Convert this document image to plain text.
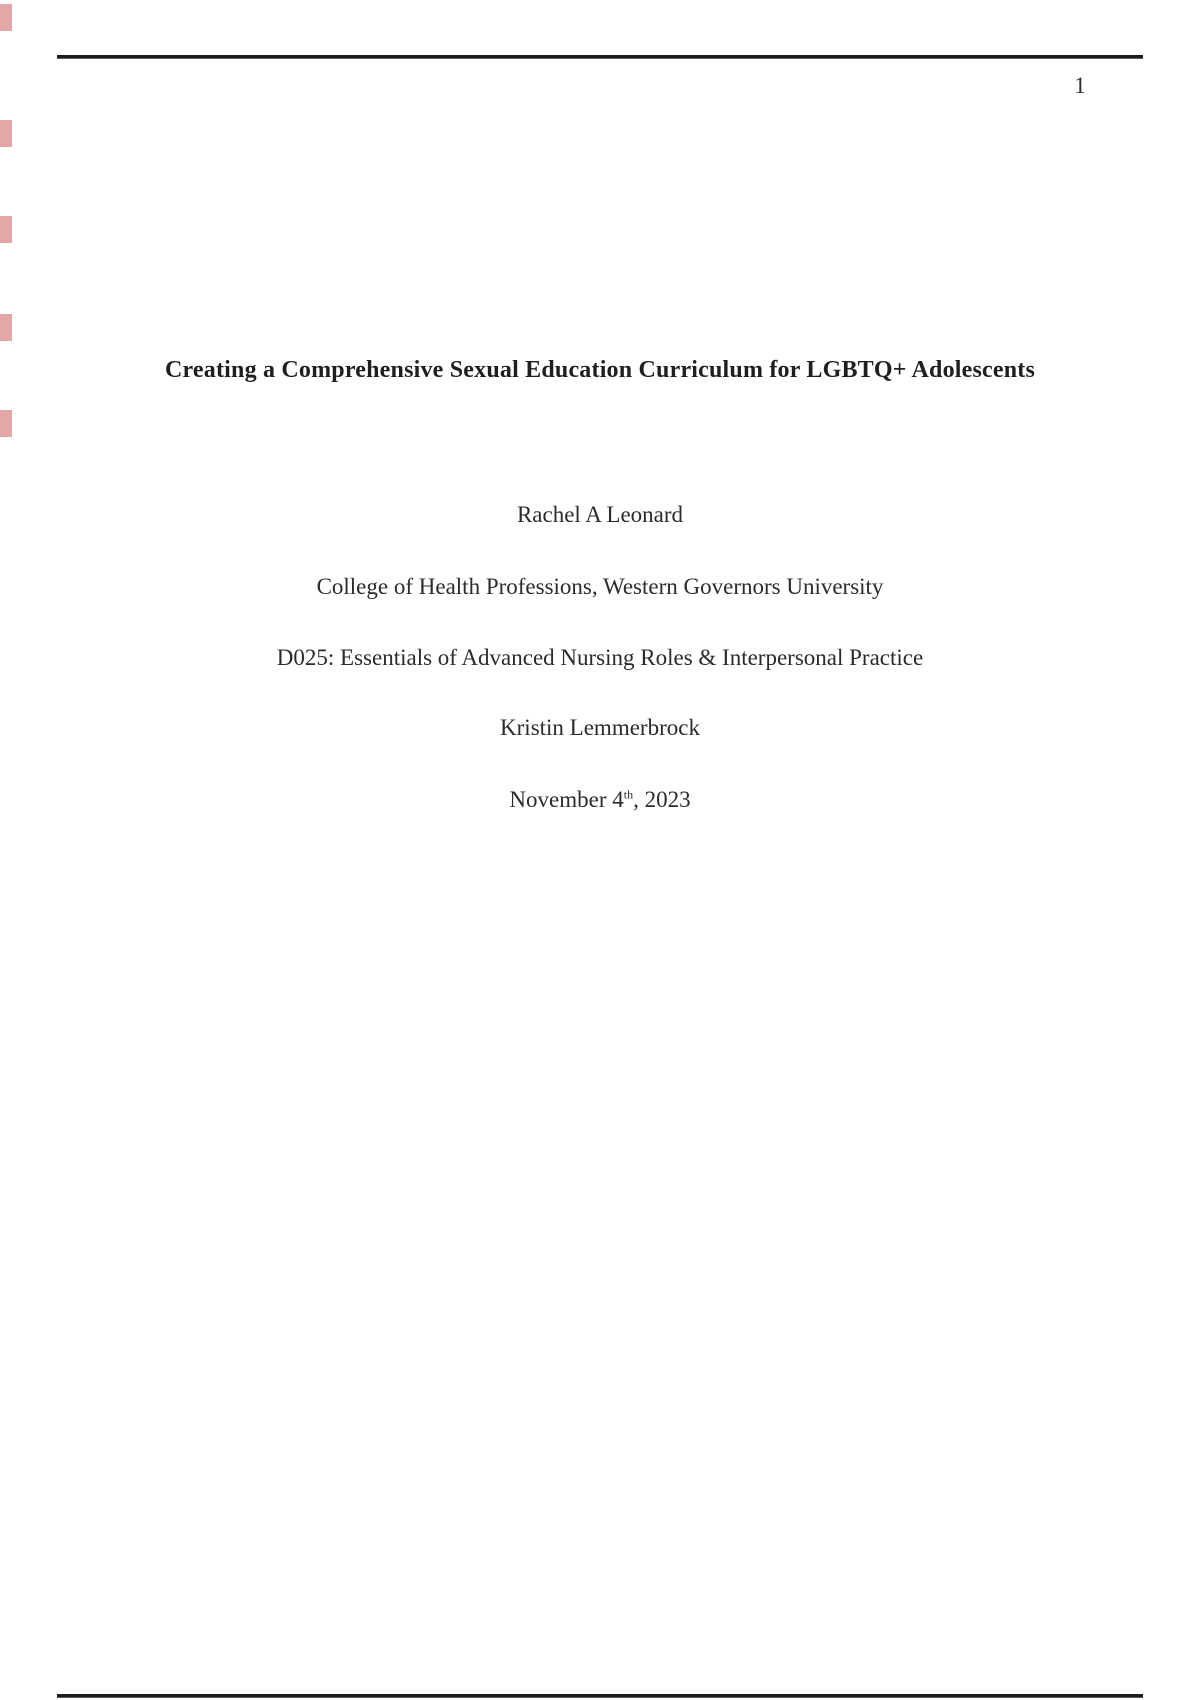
1
Creating a Comprehensive Sexual Education Curriculum for LGBTQ+ Adolescents
Rachel A Leonard
College of Health Professions, Western Governors University
D025: Essentials of Advanced Nursing Roles & Interpersonal Practice
Kristin Lemmerbrock
November 4th, 2023
